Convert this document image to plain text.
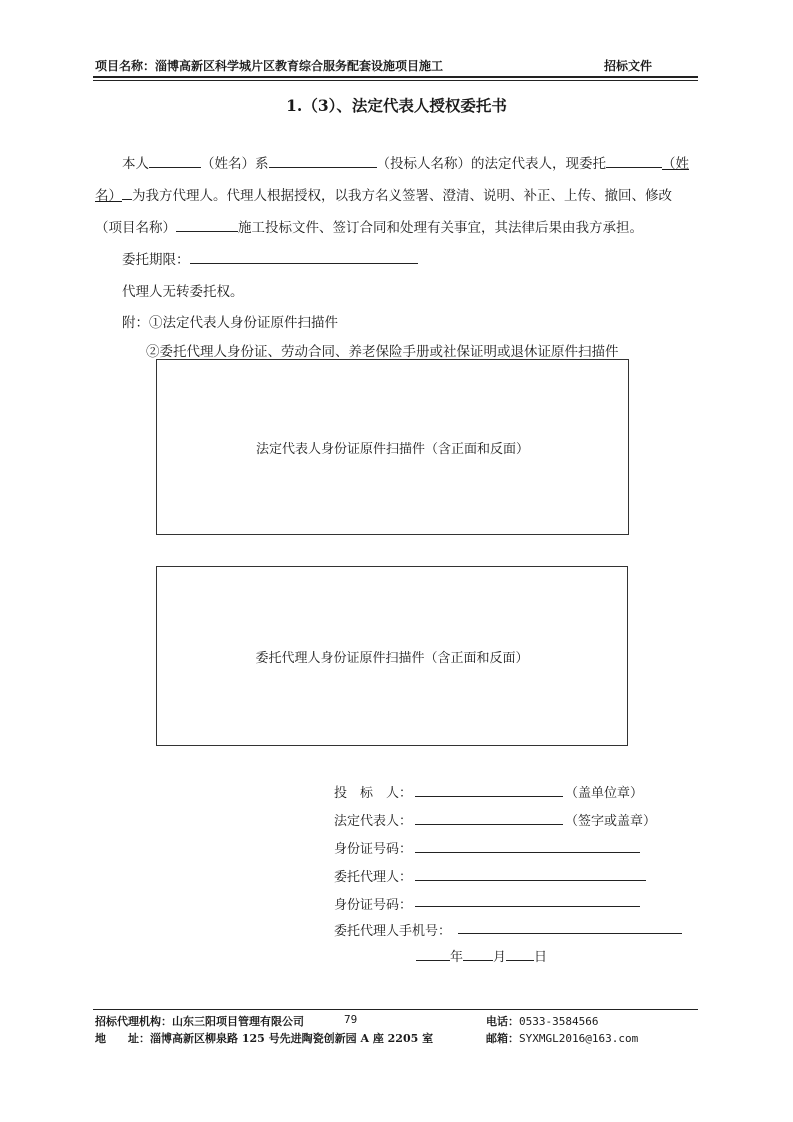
项目名称：淄博高新区科学城片区教育综合服务配套设施项目施工	招标文件
1.（3）、法定代表人授权委托书
本人	（姓名）系	（投标人名称）的法定代表人，现委托	（姓
名） 为我方代理人。代理人根据授权，以我方名义签署、澄清、说明、补正、上传、撤回、修改
（项目名称）	施工投标文件、签订合同和处理有关事宜，其法律后果由我方承担。
委托期限：
代理人无转委托权。
附：①法定代表人身份证原件扫描件
②委托代理人身份证、劳动合同、养老保险手册或社保证明或退休证原件扫描件
法定代表人身份证原件扫描件（含正面和反面）
委托代理人身份证原件扫描件（含正面和反面）
投　标　人：	（盖单位章）
法定代表人：	（签字或盖章）
身份证号码：
委托代理人：
身份证号码：
委托代理人手机号：
年 月 日
招标代理机构：山东三阳项目管理有限公司	79	电话：0533-3584566
地　　址：淄博高新区柳泉路 125 号先进陶瓷创新园 A 座 2205 室	邮箱：SYXMGL2016@163.com
